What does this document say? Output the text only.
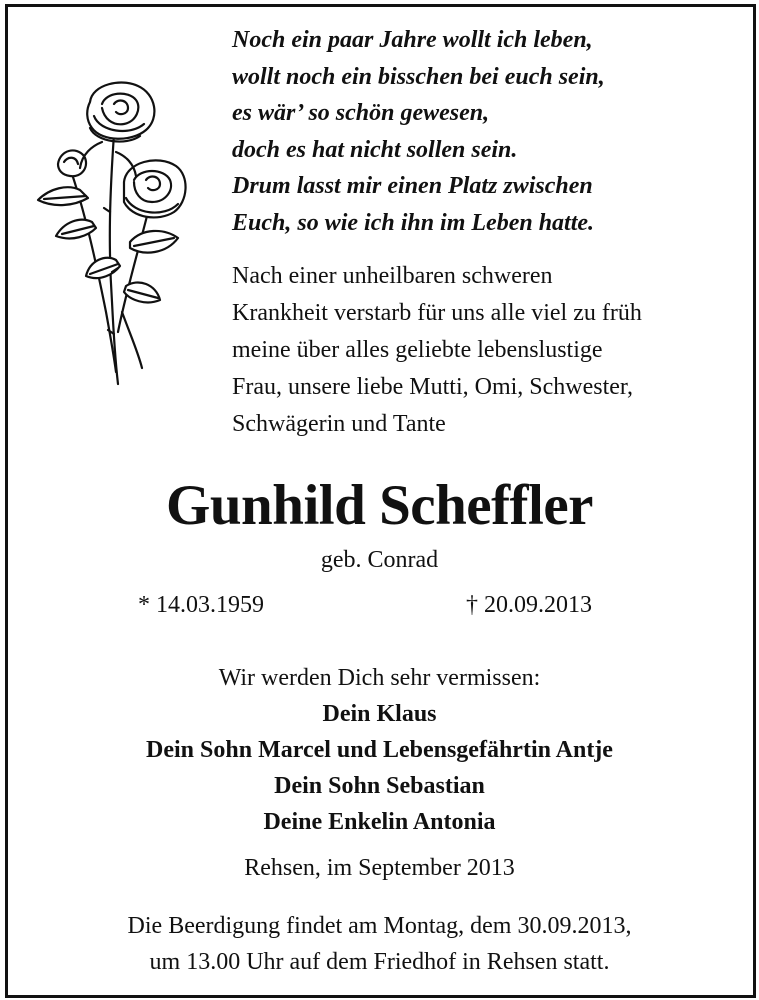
Noch ein paar Jahre wollt ich leben,
wollt noch ein bisschen bei euch sein,
es wär’ so schön gewesen,
doch es hat nicht sollen sein.
Drum lasst mir einen Platz zwischen
Euch, so wie ich ihn im Leben hatte.
Nach einer unheilbaren schweren
Krankheit verstarb für uns alle viel zu früh
meine über alles geliebte lebenslustige
Frau, unsere liebe Mutti, Omi, Schwester,
Schwägerin und Tante
Gunhild Scheffler
geb. Conrad
* 14.03.1959	† 20.09.2013
Wir werden Dich sehr vermissen:
Dein Klaus
Dein Sohn Marcel und Lebensgefährtin Antje
Dein Sohn Sebastian
Deine Enkelin Antonia
Rehsen, im September 2013
Die Beerdigung findet am Montag, dem 30.09.2013,
um 13.00 Uhr auf dem Friedhof in Rehsen statt.
